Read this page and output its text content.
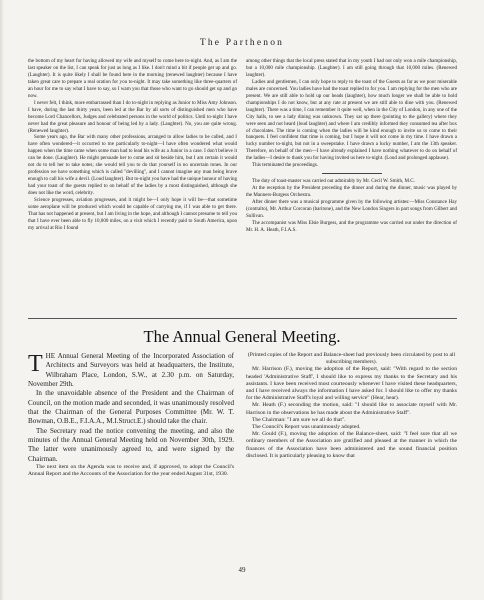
The Parthenon

the bottom of my heart for having allowed my wife and myself to come here to-night. And, as I am the last speaker on the list, I can speak for just as long as I like. I don't mind a bit if people get up and go. (Laughter). It is quite likely I shall be found here in the morning (renewed laughter) because I have taken great care to prepare a real oration for you to-night. It may take something like three-quarters of an hour for me to say what I have to say, so I warn you that those who want to go should get up and go now.

I never felt, I think, more embarrassed than I do to-night in replying as Junior to Miss Amy Johnson. I have, during the last thirty years, been led at the Bar by all sorts of distinguished men who have become Lord Chancellors, Judges and celebrated persons in the world of politics. Until to-night I have never had the great pleasure and honour of being led by a lady. (Laughter). No, you are quite wrong. (Renewed laughter).

Some years ago, the Bar with many other professions, arranged to allow ladies to be called, and I have often wondered—it occurred to me particularly to-night—I have often wondered what would happen when the time came when some man had to lead his wife as a Junior in a case. I don't believe it can be done. (Laughter). He might persuade her to come and sit beside him, but I am certain it would not do to tell her to take notes; she would tell you to do that yourself in no uncertain tones. In our profession we have something which is called "devilling", and I cannot imagine any man being brave enough to call his wife a devil. (Loud laughter). But to-night you have had the unique honour of having had your toast of the guests replied to on behalf of the ladies by a most distinguished, although she does not like the word, celebrity.

Science progresses, aviation progresses, and it might be—I only hope it will be—that sometime some aeroplane will be produced which would be capable of carrying me, if I was able to get there. That has not happened at present, but I am living in the hope, and although I cannot presume to tell you that I have ever been able to fly 10,000 miles, on a visit which I recently paid to South America, upon my arrival at Rio I found

among other things that the local press stated that in my youth I had not only won a mile championship, but a 10,000 mile championship. (Laughter). I am still going through that 10,000 miles. (Renewed laughter).

Ladies and gentlemen, I can only hope to reply to the toast of the Guests as far as we poor miserable males are concerned. You ladies have had the toast replied to for you. I am replying for the men who are present. We are still able to hold up our heads (laughter), how much longer we shall be able to hold championships I do not know, but at any rate at present we are still able to dine with you. (Renewed laughter). There was a time, I can remember it quite well, when in the City of London, in any one of the City halls, to see a lady dining was unknown. They sat up there (pointing to the gallery) where they were seen and not heard (loud laughter) and where I am credibly informed they consumed tea after box of chocolates. The time is coming when the ladies will be kind enough to invite us to come to their banquets. I feel confident that time is coming, but I hope it will not come in my time. I have drawn a lucky number to-night, but not in a sweepstake. I have drawn a lucky number, I am the 13th speaker. Therefore, on behalf of the men—I have already explained I have nothing whatever to do on behalf of the ladies—I desire to thank you for having invited us here to-night. (Loud and prolonged applause).

This terminated the proceedings.

The duty of toast-master was carried out admirably by Mr. Cecil W. Smith, M.C.

At the reception by the President preceding the dinner and during the dinner, music was played by the Manners-Burgess Orchestra.

After dinner there was a musical programme given by the following artistes:—Miss Constance Hay (contralto), Mr. Arthur Corcoran (baritone), and the New London Singers in part songs from Gilbert and Sullivan.

The accompanist was Miss Elsie Burgess, and the programme was carried out under the direction of Mr. H. A. Heath, F.I.A.S.

The Annual General Meeting.

THE Annual General Meeting of the Incorporated Association of Architects and Surveyors was held at headquarters, the Institute, Wilbraham Place, London, S.W., at 2.30 p.m. on Saturday, November 29th.

In the unavoidable absence of the President and the Chairman of Council, on the motion made and seconded, it was unanimously resolved that the Chairman of the General Purposes Committee (Mr. W. T. Bowman, O.B.E., F.I.A.A., M.I.Struct.E.) should take the chair.

The Secretary read the notice convening the meeting, and also the minutes of the Annual General Meeting held on November 30th, 1929. The latter were unanimously agreed to, and were signed by the Chairman.

The next item on the Agenda was to receive and, if approved, to adopt the Council's Annual Report and the Accounts of the Association for the year ended August 31st, 1930.

(Printed copies of the Report and Balance-sheet had previously been circulated by post to all subscribing members).

Mr. Harrison (F.), moving the adoption of the Report, said: "With regard to the section headed 'Administrative Staff', I should like to express my thanks to the Secretary and his assistants. I have been received most courteously whenever I have visited these headquarters, and I have received always the information I have asked for. I should like to offer my thanks for the Administrative Staff's loyal and willing service" (Hear, hear).

Mr. Heath (F.) seconding the motion, said: "I should like to associate myself with Mr. Harrison in the observations he has made about the Administrative Staff".

The Chairman: "I am sure we all do that".

The Council's Report was unanimously adopted.

Mr. Gould (F.), moving the adoption of the Balance-sheet, said: "I feel sure that all we ordinary members of the Association are gratified and pleased at the manner in which the finances of the Association have been administered and the sound financial position disclosed. It is particularly pleasing to know that

49
